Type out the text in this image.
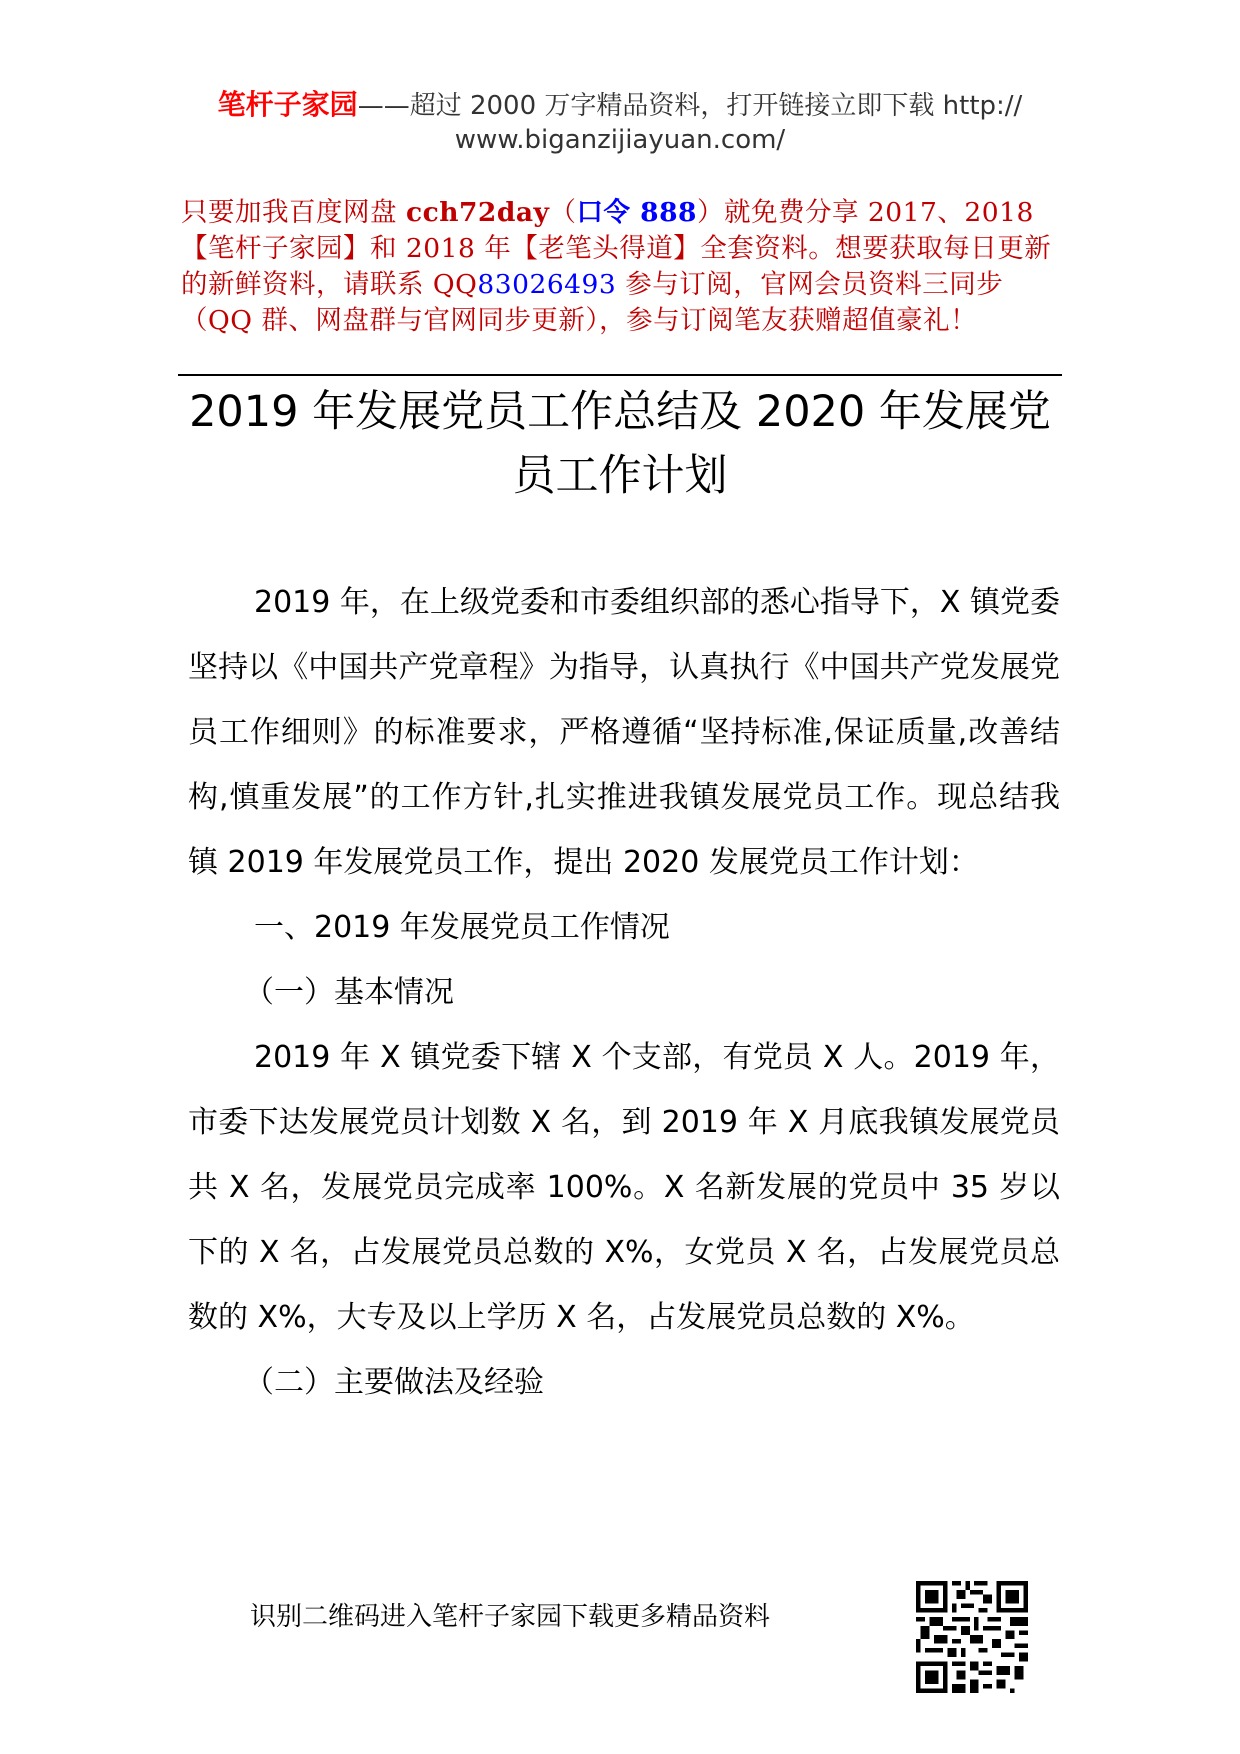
笔杆子家园——超过 2000 万字精品资料，打开链接立即下载 http://
www.biganzijiayuan.com/
只要加我百度网盘 cch72day（口令 888）就免费分享 2017、2018【笔杆子家园】和 2018 年【老笔头得道】全套资料。想要获取每日更新的新鲜资料，请联系 QQ83026493 参与订阅，官网会员资料三同步（QQ 群、网盘群与官网同步更新），参与订阅笔友获赠超值豪礼！
2019 年发展党员工作总结及 2020 年发展党员工作计划

2019 年，在上级党委和市委组织部的悉心指导下，X 镇党委坚持以《中国共产党章程》为指导，认真执行《中国共产党发展党员工作细则》的标准要求，严格遵循“坚持标准,保证质量,改善结构,慎重发展”的工作方针,扎实推进我镇发展党员工作。现总结我镇 2019 年发展党员工作，提出 2020 发展党员工作计划：

一、2019 年发展党员工作情况

（一）基本情况

2019 年 X 镇党委下辖 X 个支部，有党员 X 人。2019 年，市委下达发展党员计划数 X 名，到 2019 年 X 月底我镇发展党员共 X 名，发展党员完成率 100%。X 名新发展的党员中 35 岁以下的 X 名，占发展党员总数的 X%，女党员 X 名，占发展党员总数的 X%，大专及以上学历 X 名，占发展党员总数的 X%。

（二）主要做法及经验

识别二维码进入笔杆子家园下载更多精品资料
